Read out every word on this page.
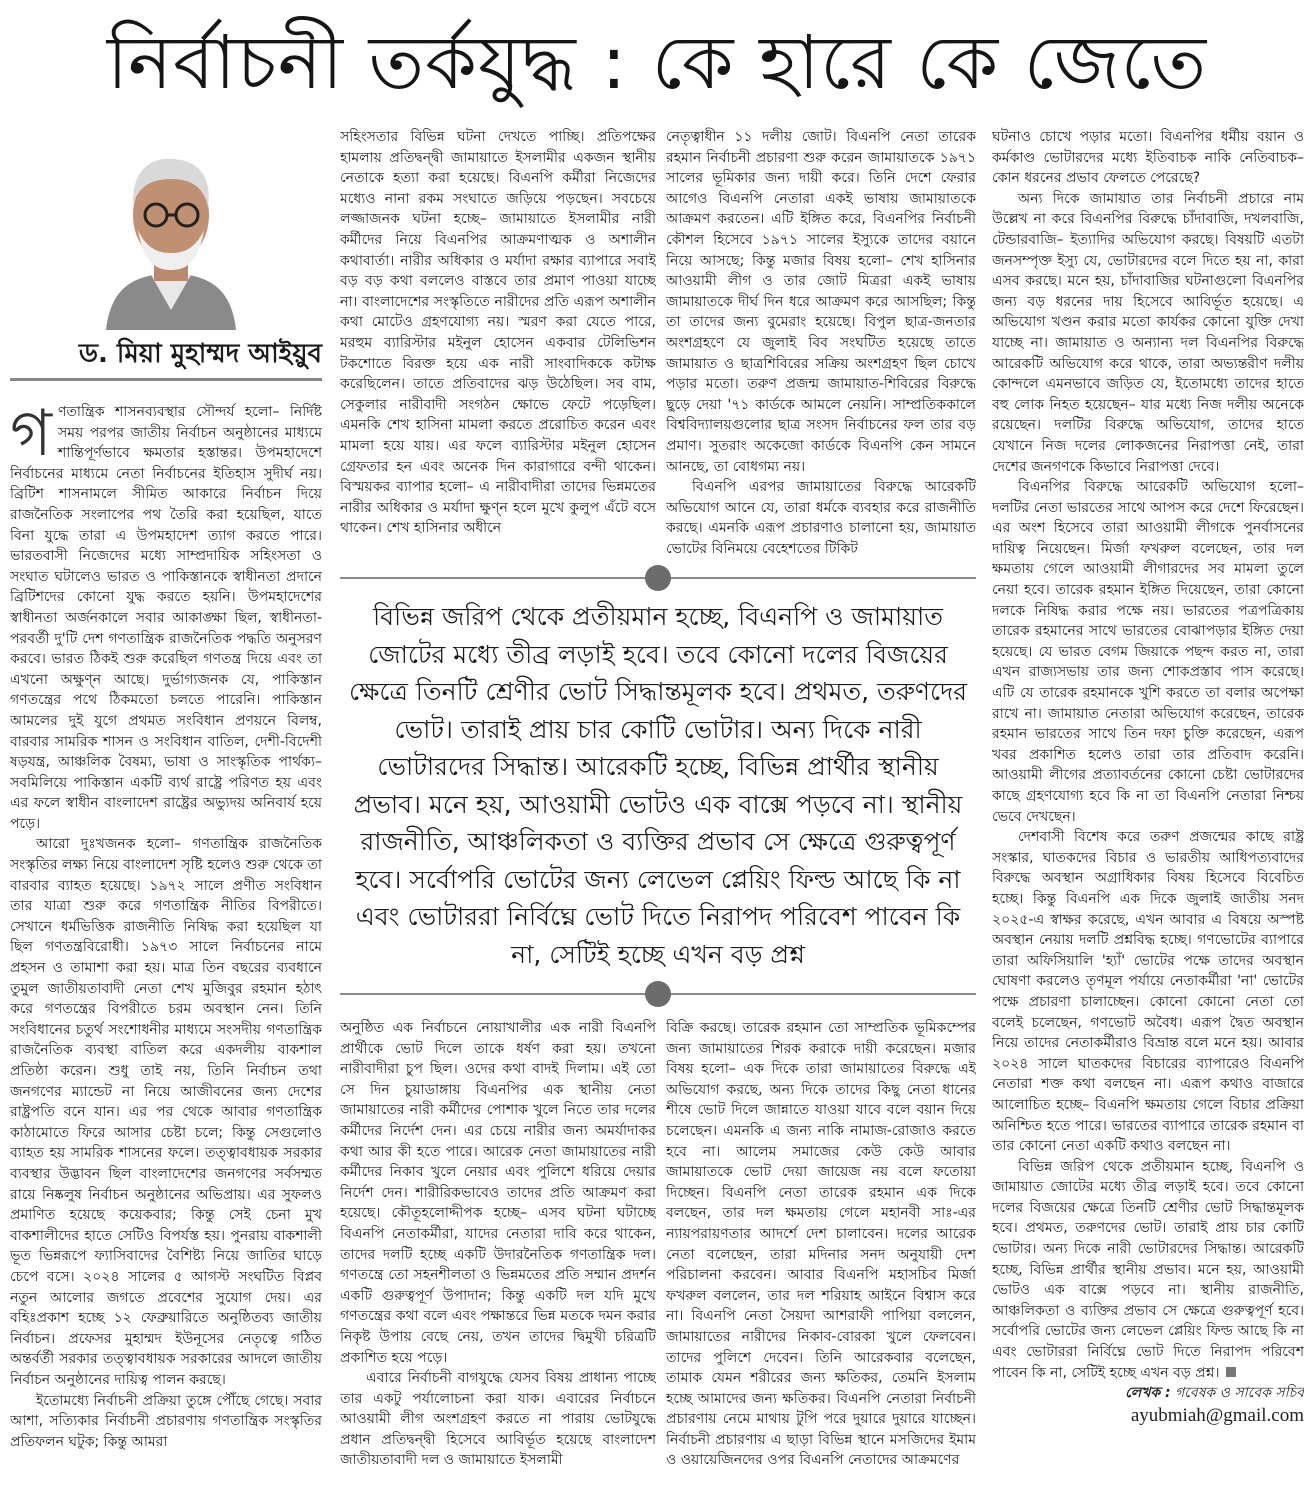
নির্বাচনী তর্কযুদ্ধ : কে হারে কে জেতে
ড. মিয়া মুহাম্মদ আইয়ুব

গণতান্ত্রিক শাসনব্যবস্থার সৌন্দর্য হলো– নির্দিষ্ট সময় পরপর জাতীয় নির্বাচন অনুষ্ঠানের মাধ্যমে শান্তিপূর্ণভাবে ক্ষমতার হস্তান্তর। উপমহাদেশে নির্বাচনের মাধ্যমে নেতা নির্বাচনের ইতিহাস সুদীর্ঘ নয়। ব্রিটিশ শাসনামলে সীমিত আকারে নির্বাচন দিয়ে রাজনৈতিক সংলাপের পথ তৈরি করা হয়েছিল, যাতে বিনা যুদ্ধে তারা এ উপমহাদেশ ত্যাগ করতে পারে। ভারতবাসী নিজেদের মধ্যে সাম্প্রদায়িক সহিংসতা ও সংঘাত ঘটালেও ভারত ও পাকিস্তানকে স্বাধীনতা প্রদানে ব্রিটিশদের কোনো যুদ্ধ করতে হয়নি। উপমহাদেশের স্বাধীনতা অর্জনকালে সবার আকাঙ্ক্ষা ছিল, স্বাধীনতা-পরবর্তী দু'টি দেশ গণতান্ত্রিক রাজনৈতিক পদ্ধতি অনুসরণ করবে। ভারত ঠিকই শুরু করেছিল গণতন্ত্র দিয়ে এবং তা এখনো অক্ষুণ্ন আছে। দুর্ভাগ্যজনক যে, পাকিস্তান গণতন্ত্রের পথে ঠিকমতো চলতে পারেনি। পাকিস্তান আমলের দুই যুগে প্রথমত সংবিধান প্রণয়নে বিলম্ব, বারবার সামরিক শাসন ও সংবিধান বাতিল, দেশী-বিদেশী ষড়যন্ত্র, আঞ্চলিক বৈষম্য, ভাষা ও সাংস্কৃতিক পার্থক্য– সবমিলিয়ে পাকিস্তান একটি ব্যর্থ রাষ্ট্রে পরিণত হয় এবং এর ফলে স্বাধীন বাংলাদেশ রাষ্ট্রের অভ্যুদয় অনিবার্য হয়ে পড়ে।

আরো দুঃখজনক হলো– গণতান্ত্রিক রাজনৈতিক সংস্কৃতির লক্ষ্য নিয়ে বাংলাদেশ সৃষ্টি হলেও শুরু থেকে তা বারবার ব্যাহত হয়েছে। ১৯৭২ সালে প্রণীত সংবিধান তার যাত্রা শুরু করে গণতান্ত্রিক নীতির বিপরীতে। সেখানে ধর্মভিত্তিক রাজনীতি নিষিদ্ধ করা হয়েছিল যা ছিল গণতন্ত্রবিরোধী। ১৯৭৩ সালে নির্বাচনের নামে প্রহসন ও তামাশা করা হয়। মাত্র তিন বছরের ব্যবধানে তুমুল জাতীয়তাবাদী নেতা শেখ মুজিবুর রহমান হঠাৎ করে গণতন্ত্রের বিপরীতে চরম অবস্থান নেন। তিনি সংবিধানের চতুর্থ সংশোধনীর মাধ্যমে সংসদীয় গণতান্ত্রিক রাজনৈতিক ব্যবস্থা বাতিল করে একদলীয় বাকশাল প্রতিষ্ঠা করেন। শুধু তাই নয়, তিনি নির্বাচন তথা জনগণের ম্যান্ডেট না নিয়ে আজীবনের জন্য দেশের রাষ্ট্রপতি বনে যান। এর পর থেকে আবার গণতান্ত্রিক কাঠামোতে ফিরে আসার চেষ্টা চলে; কিন্তু সেগুলোও ব্যাহত হয় সামরিক শাসনের ফলে। তত্ত্বাবধায়ক সরকার ব্যবস্থার উদ্ভাবন ছিল বাংলাদেশের জনগণের সর্বসম্মত রায়ে নিষ্কলুষ নির্বাচন অনুষ্ঠানের অভিপ্রায়। এর সুফলও প্রমাণিত হয়েছে কয়েকবার; কিন্তু সেই চেনা মুখ বাকশালীদের হাতে সেটিও বিপর্যস্ত হয়। পুনরায় বাকশালী ভূত ভিন্নরূপে ফ্যাসিবাদের বৈশিষ্ট্য নিয়ে জাতির ঘাড়ে চেপে বসে। ২০২৪ সালের ৫ আগস্ট সংঘটিত বিপ্লব নতুন আলোর জগতে প্রবেশের সুযোগ দেয়। এর বহিঃপ্রকাশ হচ্ছে ১২ ফেব্রুয়ারিতে অনুষ্ঠিতব্য জাতীয় নির্বাচন। প্রফেসর মুহাম্মদ ইউনূসের নেতৃত্বে গঠিত অন্তর্বর্তী সরকার তত্ত্বাবধায়ক সরকারের আদলে জাতীয় নির্বাচন অনুষ্ঠানের দায়িত্ব পালন করছে।

ইতোমধ্যে নির্বাচনী প্রক্রিয়া তুঙ্গে পৌঁছে গেছে। সবার আশা, সত্যিকার নির্বাচনী প্রচারণায় গণতান্ত্রিক সংস্কৃতির প্রতিফলন ঘটুক; কিন্তু আমরা

সহিংসতার বিভিন্ন ঘটনা দেখতে পাচ্ছি। প্রতিপক্ষের হামলায় প্রতিদ্বন্দ্বী জামায়াতে ইসলামীর একজন স্থানীয় নেতাকে হত্যা করা হয়েছে। বিএনপি কর্মীরা নিজেদের মধ্যেও নানা রকম সংঘাতে জড়িয়ে পড়ছেন। সবচেয়ে লজ্জাজনক ঘটনা হচ্ছে– জামায়াতে ইসলামীর নারী কর্মীদের নিয়ে বিএনপির আক্রমণাত্মক ও অশালীন কথাবার্তা। নারীর অধিকার ও মর্যাদা রক্ষার ব্যাপারে সবাই বড় বড় কথা বললেও বাস্তবে তার প্রমাণ পাওয়া যাচ্ছে না। বাংলাদেশের সংস্কৃতিতে নারীদের প্রতি এরূপ অশালীন কথা মোটেও গ্রহণযোগ্য নয়। স্মরণ করা যেতে পারে, মরহুম ব্যারিস্টার মইনুল হোসেন একবার টেলিভিশন টকশোতে বিরক্ত হয়ে এক নারী সাংবাদিককে কটাক্ষ করেছিলেন। তাতে প্রতিবাদের ঝড় উঠেছিল। সব বাম, সেকুলার নারীবাদী সংগঠন ক্ষোভে ফেটে পড়েছিল। এমনকি শেখ হাসিনা মামলা করতে প্ররোচিত করেন এবং মামলা হয়ে যায়। এর ফলে ব্যারিস্টার মইনুল হোসেন গ্রেফতার হন এবং অনেক দিন কারাগারে বন্দী থাকেন। বিস্ময়কর ব্যাপার হলো– এ নারীবাদীরা তাদের ভিন্নমতের নারীর অধিকার ও মর্যাদা ক্ষুণ্ন হলে মুখে কুলুপ এঁটে বসে থাকেন। শেখ হাসিনার অধীনে

নেতৃত্বাধীন ১১ দলীয় জোট। বিএনপি নেতা তারেক রহমান নির্বাচনী প্রচারণা শুরু করেন জামায়াতকে ১৯৭১ সালের ভূমিকার জন্য দায়ী করে। তিনি দেশে ফেরার আগেও বিএনপি নেতারা একই ভাষায় জামায়াতকে আক্রমণ করতেন। এটি ইঙ্গিত করে, বিএনপির নির্বাচনী কৌশল হিসেবে ১৯৭১ সালের ইস্যুকে তাদের বয়ানে নিয়ে আসছে; কিন্তু মজার বিষয় হলো– শেখ হাসিনার আওয়ামী লীগ ও তার জোট মিত্ররা একই ভাষায় জামায়াতকে দীর্ঘ দিন ধরে আক্রমণ করে আসছিল; কিন্তু তা তাদের জন্য বুমেরাং হয়েছে। বিপুল ছাত্র-জনতার অংশগ্রহণে যে জুলাই বিব সংঘটিত হয়েছে তাতে জামায়াত ও ছাত্রশিবিরের সক্রিয় অংশগ্রহণ ছিল চোখে পড়ার মতো। তরুণ প্রজন্ম জামায়াত-শিবিরের বিরুদ্ধে ছুড়ে দেয়া '৭১ কার্ডকে আমলে নেয়নি। সাম্প্রতিককালে বিশ্ববিদ্যালয়গুলোর ছাত্র সংসদ নির্বাচনের ফল তার বড় প্রমাণ। সুতরাং অকেজো কার্ডকে বিএনপি কেন সামনে আনছে, তা বোধগম্য নয়।

বিএনপি এরপর জামায়াতের বিরুদ্ধে আরেকটি অভিযোগ আনে যে, তারা ধর্মকে ব্যবহার করে রাজনীতি করছে। এমনকি এরূপ প্রচারণাও চালানো হয়, জামায়াত ভোটের বিনিময়ে বেহেশতের টিকিট

বিভিন্ন জরিপ থেকে প্রতীয়মান হচ্ছে, বিএনপি ও জামায়াত জোটের মধ্যে তীব্র লড়াই হবে। তবে কোনো দলের বিজয়ের ক্ষেত্রে তিনটি শ্রেণীর ভোট সিদ্ধান্তমূলক হবে। প্রথমত, তরুণদের ভোট। তারাই প্রায় চার কোটি ভোটার। অন্য দিকে নারী ভোটারদের সিদ্ধান্ত। আরেকটি হচ্ছে, বিভিন্ন প্রার্থীর স্থানীয় প্রভাব। মনে হয়, আওয়ামী ভোটও এক বাক্সে পড়বে না। স্থানীয় রাজনীতি, আঞ্চলিকতা ও ব্যক্তির প্রভাব সে ক্ষেত্রে গুরুত্বপূর্ণ হবে। সর্বোপরি ভোটের জন্য লেভেল প্লেয়িং ফিল্ড আছে কি না এবং ভোটাররা নির্বিঘ্নে ভোট দিতে নিরাপদ পরিবেশ পাবেন কি না, সেটিই হচ্ছে এখন বড় প্রশ্ন

অনুষ্ঠিত এক নির্বাচনে নোয়াখালীর এক নারী বিএনপি প্রার্থীকে ভোট দিলে তাকে ধর্ষণ করা হয়। তখনো নারীবাদীরা চুপ ছিল। ওদের কথা বাদই দিলাম। এই তো সে দিন চুয়াডাঙ্গায় বিএনপির এক স্থানীয় নেতা জামায়াতের নারী কর্মীদের পোশাক খুলে নিতে তার দলের কর্মীদের নির্দেশ দেন। এর চেয়ে নারীর জন্য অমর্যাদাকর কথা আর কী হতে পারে। আরেক নেতা জামায়াতের নারী কর্মীদের নিকাব খুলে নেয়ার এবং পুলিশে ধরিয়ে দেয়ার নির্দেশ দেন। শারীরিকভাবেও তাদের প্রতি আক্রমণ করা হয়েছে। কৌতূহলোদ্দীপক হচ্ছে– এসব ঘটনা ঘটাচ্ছে বিএনপি নেতাকর্মীরা, যাদের নেতারা দাবি করে থাকেন, তাদের দলটি হচ্ছে একটি উদারনৈতিক গণতান্ত্রিক দল। গণতন্ত্রে তো সহনশীলতা ও ভিন্নমতের প্রতি সম্মান প্রদর্শন একটি গুরুত্বপূর্ণ উপাদান; কিন্তু একটি দল যদি মুখে গণতন্ত্রের কথা বলে এবং পক্ষান্তরে ভিন্ন মতকে দমন করার নিকৃষ্ট উপায় বেছে নেয়, তখন তাদের দ্বিমুখী চরিত্রটি প্রকাশিত হয়ে পড়ে।

এবারে নির্বাচনী বাগযুদ্ধে যেসব বিষয় প্রাধান্য পাচ্ছে তার একটু পর্যালোচনা করা যাক। এবারের নির্বাচনে আওয়ামী লীগ অংশগ্রহণ করতে না পারায় ভোটযুদ্ধে প্রধান প্রতিদ্বন্দ্বী হিসেবে আবির্ভূত হয়েছে বাংলাদেশ জাতীয়তাবাদী দল ও জামায়াতে ইসলামী

বিক্রি করছে। তারেক রহমান তো সাম্প্রতিক ভূমিকম্পের জন্য জামায়াতের শিরক করাকে দায়ী করেছেন। মজার বিষয় হলো– এক দিকে তারা জামায়াতের বিরুদ্ধে এই অভিযোগ করছে, অন্য দিকে তাদের কিছু নেতা ধানের শীষে ভোট দিলে জান্নাতে যাওয়া যাবে বলে বয়ান দিয়ে চলেছেন। এমনকি এ জন্য নাকি নামাজ-রোজাও করতে হবে না। আলেম সমাজের কেউ কেউ আবার জামায়াতকে ভোট দেয়া জায়েজ নয় বলে ফতোয়া দিচ্ছেন। বিএনপি নেতা তারেক রহমান এক দিকে বলছেন, তার দল ক্ষমতায় গেলে মহানবী সাঃ-এর ন্যায়পরায়ণতার আদর্শে দেশ চালাবেন। দলের আরেক নেতা বলেছেন, তারা মদিনার সনদ অনুযায়ী দেশ পরিচালনা করবেন। আবার বিএনপি মহাসচিব মির্জা ফখরুল বললেন, তার দল শরিয়াহ আইনে বিশ্বাস করে না। বিএনপি নেতা সৈয়দা আশরাফী পাপিয়া বললেন, জামায়াতের নারীদের নিকাব-বোরকা খুলে ফেলবেন। তাদের পুলিশে দেবেন। তিনি আরেকবার বলেছেন, তামাক যেমন শরীরের জন্য ক্ষতিকর, তেমনি ইসলাম হচ্ছে আমাদের জন্য ক্ষতিকর। বিএনপি নেতারা নির্বাচনী প্রচারণায় নেমে মাথায় টুপি পরে দুয়ারে দুয়ারে যাচ্ছেন। নির্বাচনী প্রচারণায় এ ছাড়া বিভিন্ন স্থানে মসজিদের ইমাম ও ওয়ায়েজিনদের ওপর বিএনপি নেতাদের আক্রমণের

ঘটনাও চোখে পড়ার মতো। বিএনপির ধর্মীয় বয়ান ও কর্মকাণ্ড ভোটারদের মধ্যে ইতিবাচক নাকি নেতিবাচক– কোন ধরনের প্রভাব ফেলতে পেরেছে?

অন্য দিকে জামায়াত তার নির্বাচনী প্রচারে নাম উল্লেখ না করে বিএনপির বিরুদ্ধে চাঁদাবাজি, দখলবাজি, টেন্ডারবাজি– ইত্যাদির অভিযোগ করছে। বিষয়টি এতটা জনসম্পৃক্ত ইস্যু যে, ভোটারদের বলে দিতে হয় না, কারা এসব করছে। মনে হয়, চাঁদাবাজির ঘটনাগুলো বিএনপির জন্য বড় ধরনের দায় হিসেবে আবির্ভূত হয়েছে। এ অভিযোগ খণ্ডন করার মতো কার্যকর কোনো যুক্তি দেখা যাচ্ছে না। জামায়াত ও অন্যান্য দল বিএনপির বিরুদ্ধে আরেকটি অভিযোগ করে থাকে, তারা অভ্যন্তরীণ দলীয় কোন্দলে এমনভাবে জড়িত যে, ইতোমধ্যে তাদের হাতে বহু লোক নিহত হয়েছেন– যার মধ্যে নিজ দলীয় অনেকে রয়েছেন। দলটির বিরুদ্ধে অভিযোগ, তাদের হাতে যেখানে নিজ দলের লোকজনের নিরাপত্তা নেই, তারা দেশের জনগণকে কিভাবে নিরাপত্তা দেবে।

বিএনপির বিরুদ্ধে আরেকটি অভিযোগ হলো– দলটির নেতা ভারতের সাথে আপস করে দেশে ফিরেছেন। এর অংশ হিসেবে তারা আওয়ামী লীগকে পুনর্বাসনের দায়িত্ব নিয়েছেন। মির্জা ফখরুল বলেছেন, তার দল ক্ষমতায় গেলে আওয়ামী লীগারদের সব মামলা তুলে নেয়া হবে। তারেক রহমান ইঙ্গিত দিয়েছেন, তারা কোনো দলকে নিষিদ্ধ করার পক্ষে নয়। ভারতের পত্রপত্রিকায় তারেক রহমানের সাথে ভারতের বোঝাপড়ার ইঙ্গিত দেয়া হয়েছে। যে ভারত বেগম জিয়াকে পছন্দ করত না, তারা এখন রাজ্যসভায় তার জন্য শোকপ্রস্তাব পাস করেছে। এটি যে তারেক রহমানকে খুশি করতে তা বলার অপেক্ষা রাখে না। জামায়াত নেতারা অভিযোগ করেছেন, তারেক রহমান ভারতের সাথে তিন দফা চুক্তি করেছেন, এরূপ খবর প্রকাশিত হলেও তারা তার প্রতিবাদ করেনি। আওয়ামী লীগের প্রত্যাবর্তনের কোনো চেষ্টা ভোটারদের কাছে গ্রহণযোগ্য হবে কি না তা বিএনপি নেতারা নিশ্চয় ভেবে দেখছেন।

দেশবাসী বিশেষ করে তরুণ প্রজন্মের কাছে রাষ্ট্র সংস্কার, ঘাতকদের বিচার ও ভারতীয় আধিপত্যবাদের বিরুদ্ধে অবস্থান অগ্রাধিকার বিষয় হিসেবে বিবেচিত হচ্ছে। কিন্তু বিএনপি এক দিকে জুলাই জাতীয় সনদ ২০২৫-এ স্বাক্ষর করেছে, এখন আবার এ বিষয়ে অস্পষ্ট অবস্থান নেয়ায় দলটি প্রশ্নবিদ্ধ হচ্ছে। গণভোটের ব্যাপারে তারা অফিসিয়ালি 'হ্যাঁ' ভোটের পক্ষে তাদের অবস্থান ঘোষণা করলেও তৃণমূল পর্যায়ে নেতাকর্মীরা 'না' ভোটের পক্ষে প্রচারণা চালাচ্ছেন। কোনো কোনো নেতা তো বলেই চলেছেন, গণভোট অবৈধ। এরূপ দ্বৈত অবস্থান নিয়ে তাদের নেতাকর্মীরাও বিভ্রান্ত বলে মনে হয়। আবার ২০২৪ সালে ঘাতকদের বিচারের ব্যাপারেও বিএনপি নেতারা শক্ত কথা বলছেন না। এরূপ কথাও বাজারে আলোচিত হচ্ছে– বিএনপি ক্ষমতায় গেলে বিচার প্রক্রিয়া অনিশ্চিত হতে পারে। ভারতের ব্যাপারে তারেক রহমান বা তার কোনো নেতা একটি কথাও বলছেন না।

বিভিন্ন জরিপ থেকে প্রতীয়মান হচ্ছে, বিএনপি ও জামায়াত জোটের মধ্যে তীব্র লড়াই হবে। তবে কোনো দলের বিজয়ের ক্ষেত্রে তিনটি শ্রেণীর ভোট সিদ্ধান্তমূলক হবে। প্রথমত, তরুণদের ভোট। তারাই প্রায় চার কোটি ভোটার। অন্য দিকে নারী ভোটারদের সিদ্ধান্ত। আরেকটি হচ্ছে, বিভিন্ন প্রার্থীর স্থানীয় প্রভাব। মনে হয়, আওয়ামী ভোটও এক বাক্সে পড়বে না। স্থানীয় রাজনীতি, আঞ্চলিকতা ও ব্যক্তির প্রভাব সে ক্ষেত্রে গুরুত্বপূর্ণ হবে। সর্বোপরি ভোটের জন্য লেভেল প্লেয়িং ফিল্ড আছে কি না এবং ভোটাররা নির্বিঘ্নে ভোট দিতে নিরাপদ পরিবেশ পাবেন কি না, সেটিই হচ্ছে এখন বড় প্রশ্ন।

লেখক : গবেষক ও সাবেক সচিব

ayubmiah@gmail.com
